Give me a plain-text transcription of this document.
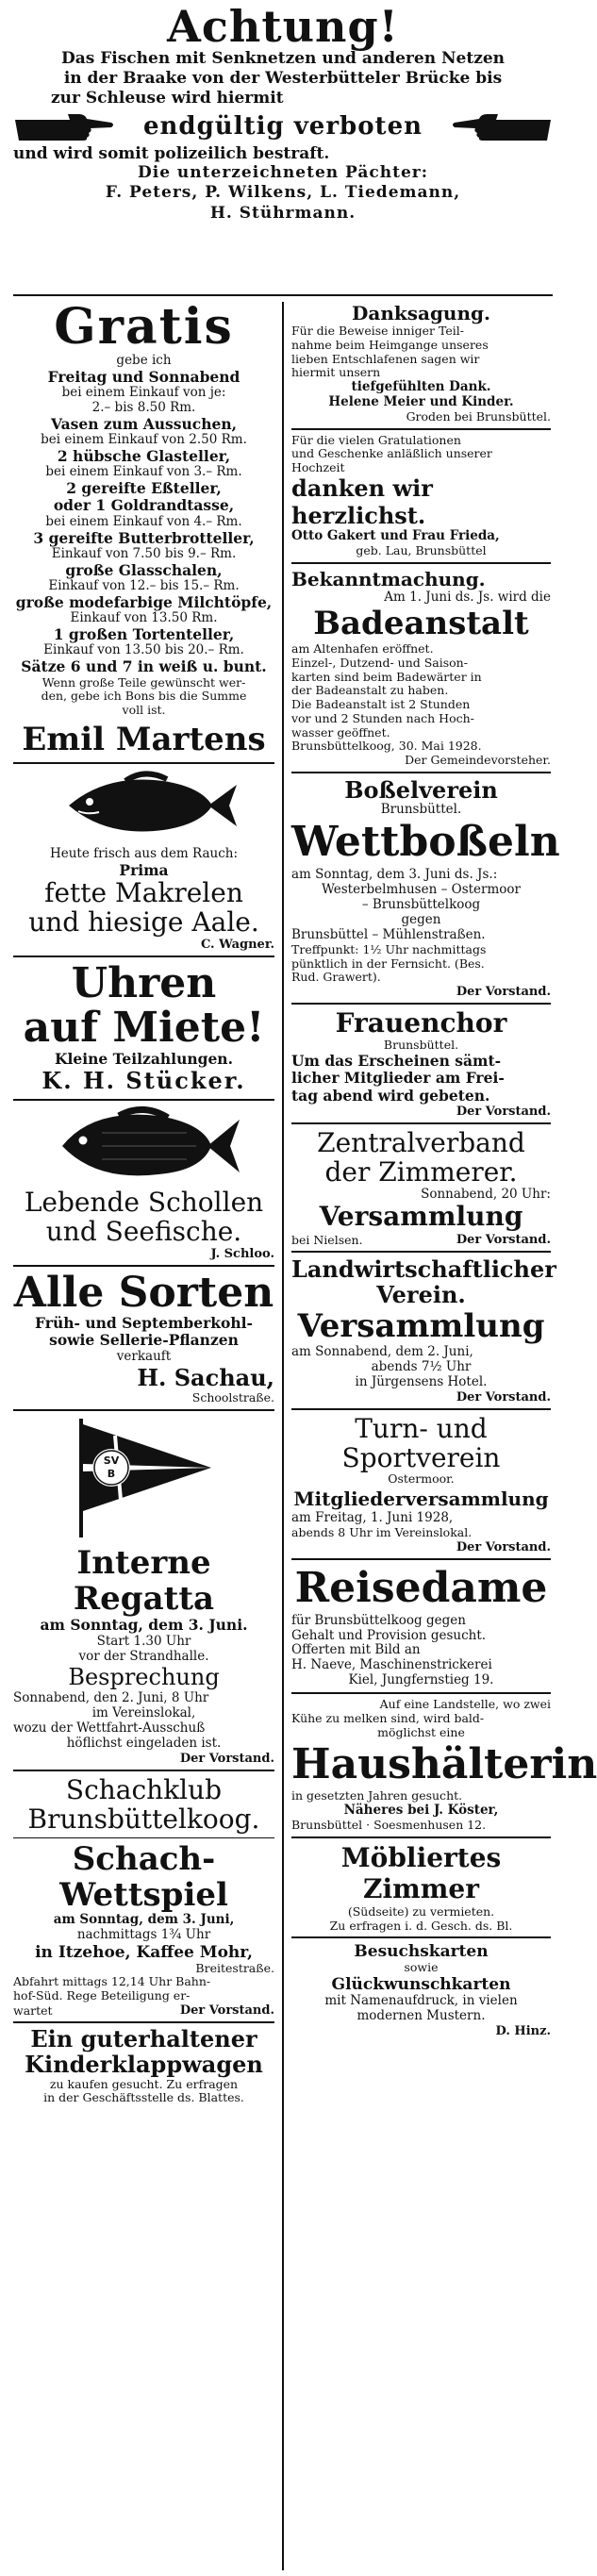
Achtung!
Das Fischen mit Senknetzen und anderen Netzen
in der Braake von der Westerbütteler Brücke bis
zur Schleuse wird hiermit
endgültig verboten
und wird somit polizeilich bestraft.
Die unterzeichneten Pächter:
F. Peters, P. Wilkens, L. Tiedemann,
H. Stührmann.
Gratis
gebe ich
Freitag und Sonnabend
bei einem Einkauf von je:
2.– bis 8.50 Rm.
Vasen zum Aussuchen,
bei einem Einkauf von 2.50 Rm.
2 hübsche Glasteller,
bei einem Einkauf von 3.– Rm.
2 gereifte Eßteller,
oder 1 Goldrandtasse,
bei einem Einkauf von 4.– Rm.
3 gereifte Butterbrotteller,
Einkauf von 7.50 bis 9.– Rm.
große Glasschalen,
Einkauf von 12.– bis 15.– Rm.
große modefarbige Milchtöpfe,
Einkauf von 13.50 Rm.
1 großen Tortenteller,
Einkauf von 13.50 bis 20.– Rm.
Sätze 6 und 7 in weiß u. bunt.
Wenn große Teile gewünscht wer-
den, gebe ich Bons bis die Summe
voll ist.
Emil Martens
Heute frisch aus dem Rauch:
Prima
fette Makrelen
und hiesige Aale.
C. Wagner.
Uhren
auf Miete!
Kleine Teilzahlungen.
K. H. Stücker.
Lebende Schollen
und Seefische.
J. Schloo.
Alle Sorten
Früh- und Septemberkohl-
sowie Sellerie-Pflanzen
verkauft
H. Sachau,
Schoolstraße.
SV
B
Interne Regatta
am Sonntag, dem 3. Juni.
Start 1.30 Uhr
vor der Strandhalle.
Besprechung
Sonnabend, den 2. Juni, 8 Uhr
im Vereinslokal,
wozu der Wettfahrt-Ausschuß
höflichst eingeladen ist.
Der Vorstand.
Schachklub
Brunsbüttelkoog.
Schach-Wettspiel
am Sonntag, dem 3. Juni,
nachmittags 1¾ Uhr
in Itzehoe, Kaffee Mohr,
Breitestraße.
Abfahrt mittags 12,14 Uhr Bahn-
hof-Süd. Rege Beteiligung er-
wartet	Der Vorstand.
Ein guterhaltener
Kinderklappwagen
zu kaufen gesucht. Zu erfragen
in der Geschäftsstelle ds. Blattes.
Danksagung.
Für die Beweise inniger Teil-
nahme beim Heimgange unseres
lieben Entschlafenen sagen wir
hiermit unsern
tiefgefühlten Dank.
Helene Meier und Kinder.
Groden bei Brunsbüttel.
Für die vielen Gratulationen
und Geschenke anläßlich unserer
Hochzeit
danken wir herzlichst.
Otto Gakert und Frau Frieda,
geb. Lau, Brunsbüttel
Bekanntmachung.
Am 1. Juni ds. Js. wird die
Badeanstalt
am Altenhafen eröffnet.
Einzel-, Dutzend- und Saison-
karten sind beim Badewärter in
der Badeanstalt zu haben.
Die Badeanstalt ist 2 Stunden
vor und 2 Stunden nach Hoch-
wasser geöffnet.
Brunsbüttelkoog, 30. Mai 1928.
Der Gemeindevorsteher.
Boßelverein
Brunsbüttel.
Wettboßeln
am Sonntag, dem 3. Juni ds. Js.:
Westerbelmhusen – Ostermoor
– Brunsbüttelkoog
gegen
Brunsbüttel – Mühlenstraßen.
Treffpunkt: 1½ Uhr nachmittags
pünktlich in der Fernsicht. (Bes.
Rud. Grawert).
Der Vorstand.
Frauenchor
Brunsbüttel.
Um das Erscheinen sämt-
licher Mitglieder am Frei-
tag abend wird gebeten.
Der Vorstand.
Zentralverband
der Zimmerer.
Sonnabend, 20 Uhr:
Versammlung
bei Nielsen.	Der Vorstand.
Landwirtschaftlicher
Verein.
Versammlung
am Sonnabend, dem 2. Juni,
abends 7½ Uhr
in Jürgensens Hotel.
Der Vorstand.
Turn- und
Sportverein
Ostermoor.
Mitgliederversammlung
am Freitag, 1. Juni 1928,
abends 8 Uhr im Vereinslokal.
Der Vorstand.
Reisedame
für Brunsbüttelkoog gegen
Gehalt und Provision gesucht.
Offerten mit Bild an
H. Naeve, Maschinenstrickerei
Kiel, Jungfernstieg 19.
Auf eine Landstelle, wo zwei
Kühe zu melken sind, wird bald-
möglichst eine
Haushälterin
in gesetzten Jahren gesucht.
Näheres bei J. Köster,
Brunsbüttel · Soesmenhusen 12.
Möbliertes Zimmer
(Südseite) zu vermieten.
Zu erfragen i. d. Gesch. ds. Bl.
Besuchskarten
sowie
Glückwunschkarten
mit Namenaufdruck, in vielen
modernen Mustern.
D. Hinz.
